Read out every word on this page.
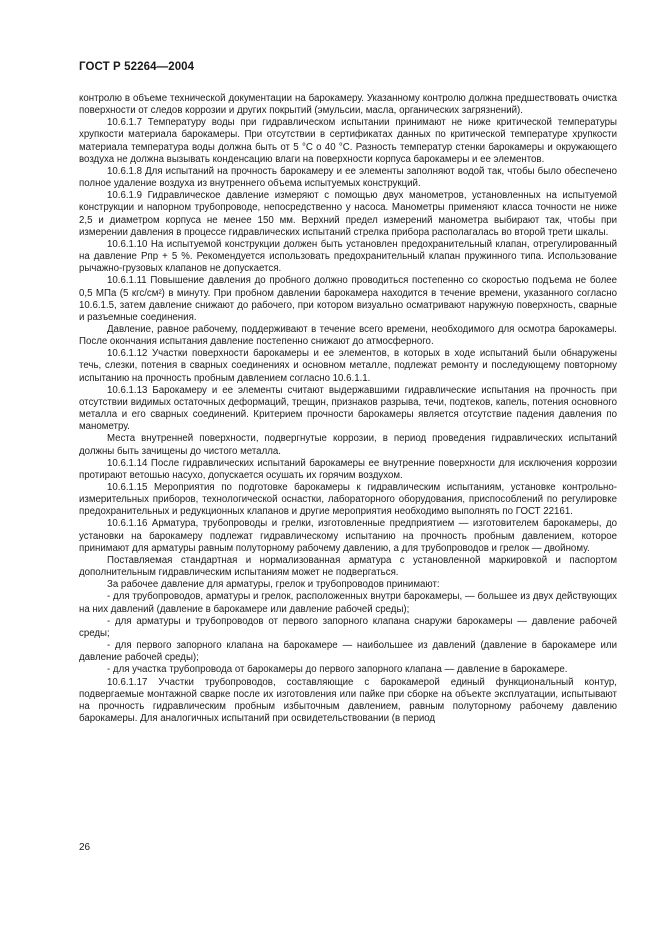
ГОСТ Р 52264—2004

контролю в объеме технической документации на барокамеру. Указанному контролю должна предшествовать очистка поверхности от следов коррозии и других покрытий (эмульсии, масла, органических загрязнений).

10.6.1.7 Температуру воды при гидравлическом испытании принимают не ниже критической температуры хрупкости материала барокамеры. При отсутствии в сертификатах данных по критической температуре хрупкости материала температура воды должна быть от 5 °С о 40 °С. Разность температур стенки барокамеры и окружающего воздуха не должна вызывать конденсацию влаги на поверхности корпуса барокамеры и ее элементов.

10.6.1.8 Для испытаний на прочность барокамеру и ее элементы заполняют водой так, чтобы было обеспечено полное удаление воздуха из внутреннего объема испытуемых конструкций.

10.6.1.9 Гидравлическое давление измеряют с помощью двух манометров, установленных на испытуемой конструкции и напорном трубопроводе, непосредственно у насоса. Манометры применяют класса точности не ниже 2,5 и диаметром корпуса не менее 150 мм. Верхний предел измерений манометра выбирают так, чтобы при измерении давления в процессе гидравлических испытаний стрелка прибора располагалась во второй трети шкалы.

10.6.1.10 На испытуемой конструкции должен быть установлен предохранительный клапан, отрегулированный на давление Pпр + 5 %. Рекомендуется использовать предохранительный клапан пружинного типа. Использование рычажно-грузовых клапанов не допускается.

10.6.1.11 Повышение давления до пробного должно проводиться постепенно со скоростью подъема не более 0,5 МПа (5 кгс/см²) в минуту. При пробном давлении барокамера находится в течение времени, указанного согласно 10.6.1.5, затем давление снижают до рабочего, при котором визуально осматривают наружную поверхность, сварные и разъемные соединения.

Давление, равное рабочему, поддерживают в течение всего времени, необходимого для осмотра барокамеры. После окончания испытания давление постепенно снижают до атмосферного.

10.6.1.12 Участки поверхности барокамеры и ее элементов, в которых в ходе испытаний были обнаружены течь, слезки, потения в сварных соединениях и основном металле, подлежат ремонту и последующему повторному испытанию на прочность пробным давлением согласно 10.6.1.1.

10.6.1.13 Барокамеру и ее элементы считают выдержавшими гидравлические испытания на прочность при отсутствии видимых остаточных деформаций, трещин, признаков разрыва, течи, подтеков, капель, потения основного металла и его сварных соединений. Критерием прочности барокамеры является отсутствие падения давления по манометру.

Места внутренней поверхности, подвергнутые коррозии, в период проведения гидравлических испытаний должны быть зачищены до чистого металла.

10.6.1.14 После гидравлических испытаний барокамеры ее внутренние поверхности для исключения коррозии протирают ветошью насухо, допускается осушать их горячим воздухом.

10.6.1.15 Мероприятия по подготовке барокамеры к гидравлическим испытаниям, установке контрольно-измерительных приборов, технологической оснастки, лабораторного оборудования, приспособлений по регулировке предохранительных и редукционных клапанов и другие мероприятия необходимо выполнять по ГОСТ 22161.

10.6.1.16 Арматура, трубопроводы и грелки, изготовленные предприятием — изготовителем барокамеры, до установки на барокамеру подлежат гидравлическому испытанию на прочность пробным давлением, которое принимают для арматуры равным полуторному рабочему давлению, а для трубопроводов и грелок — двойному.

Поставляемая стандартная и нормализованная арматура с установленной маркировкой и паспортом дополнительным гидравлическим испытаниям может не подвергаться.

За рабочее давление для арматуры, грелок и трубопроводов принимают:

- для трубопроводов, арматуры и грелок, расположенных внутри барокамеры, — большее из двух действующих на них давлений (давление в барокамере или давление рабочей среды);

- для арматуры и трубопроводов от первого запорного клапана снаружи барокамеры — давление рабочей среды;

- для первого запорного клапана на барокамере — наибольшее из давлений (давление в барокамере или давление рабочей среды);

- для участка трубопровода от барокамеры до первого запорного клапана — давление в барокамере.

10.6.1.17 Участки трубопроводов, составляющие с барокамерой единый функциональный контур, подвергаемые монтажной сварке после их изготовления или пайке при сборке на объекте эксплуатации, испытывают на прочность гидравлическим пробным избыточным давлением, равным полуторному рабочему давлению барокамеры. Для аналогичных испытаний при освидетельствовании (в период

26
